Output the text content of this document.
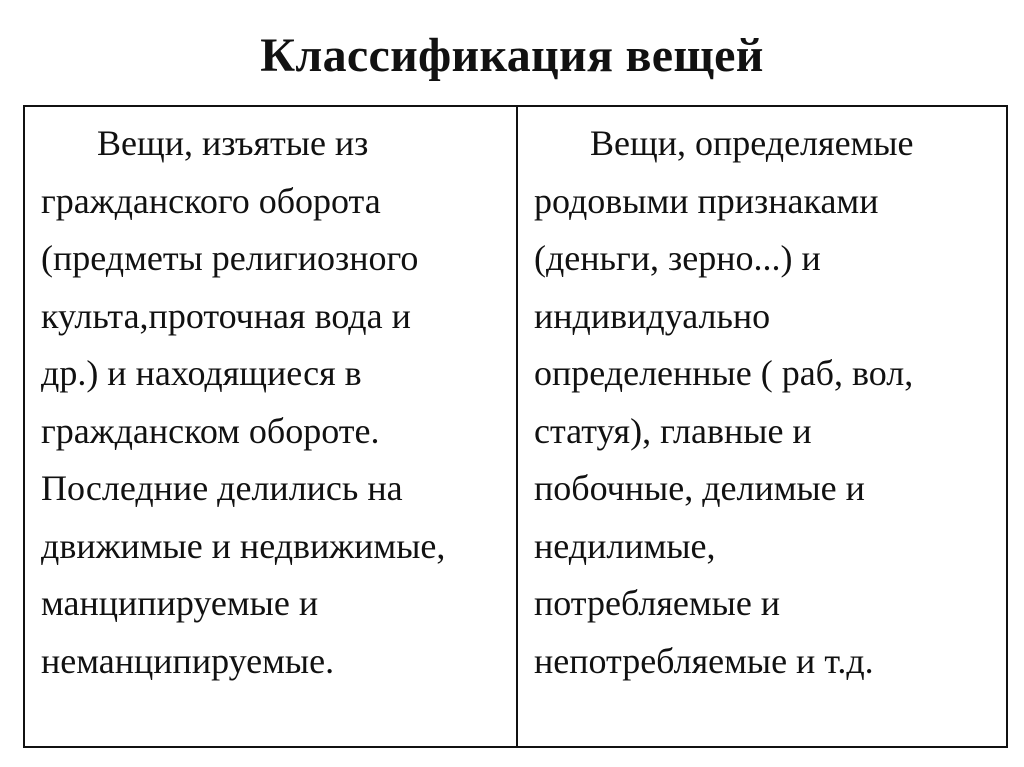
Классификация вещей
Вещи, изъятые из
гражданского оборота
(предметы религиозного
культа,проточная вода и
др.) и находящиеся в
гражданском обороте.
Последние делились на
движимые и недвижимые,
манципируемые и
неманципируемые.
Вещи, определяемые
родовыми признаками
(деньги, зерно...) и
индивидуально
определенные ( раб, вол,
статуя), главные и
побочные, делимые и
недилимые,
потребляемые и
непотребляемые и т.д.
